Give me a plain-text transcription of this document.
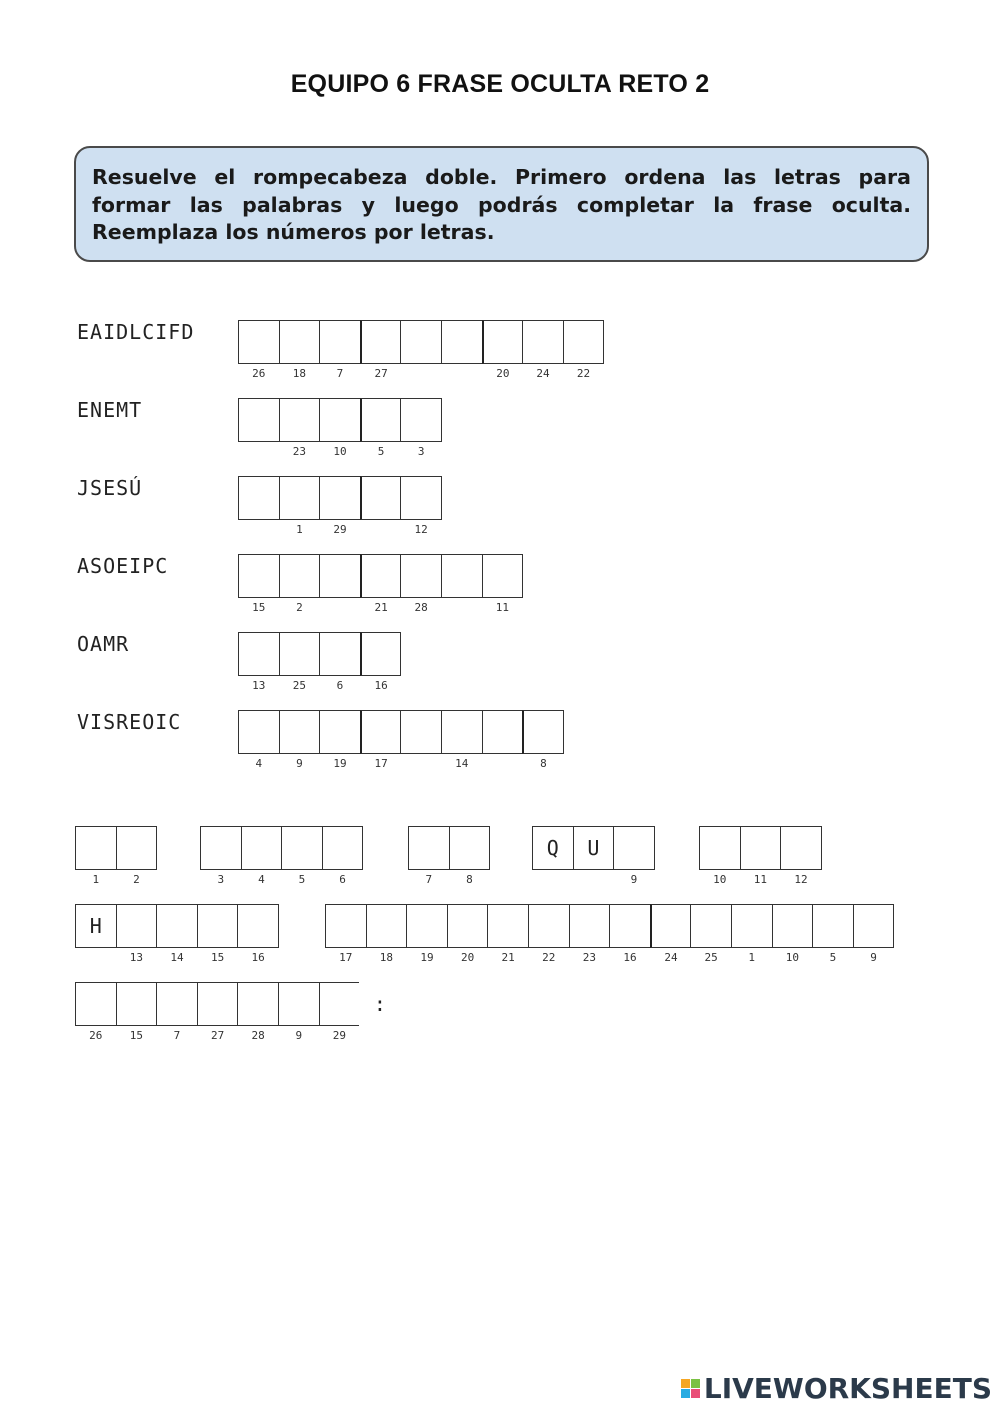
EQUIPO 6 FRASE OCULTA RETO 2
Resuelve el rompecabeza doble. Primero ordena las letras para formar las palabras y luego podrás completar la frase oculta. Reemplaza los números por letras.
EAIDLCIFD
26	18	7	27	20	24	22
ENEMT
23	10	5	3
JSESÚ
1	29	12
ASOEIPC
15	2	21	28	11
OAMR
13	25	6	16
VISREOIC
4	9	19	17	14	8
1	2	3	4	5	6	7	8
Q U
9	10	11	12
H
13	14	15	16	17	18	19	20	21	22	23	16	24	25	1	10	5	9
26	15	7	27	28	9	29
:
LIVEWORKSHEETS
